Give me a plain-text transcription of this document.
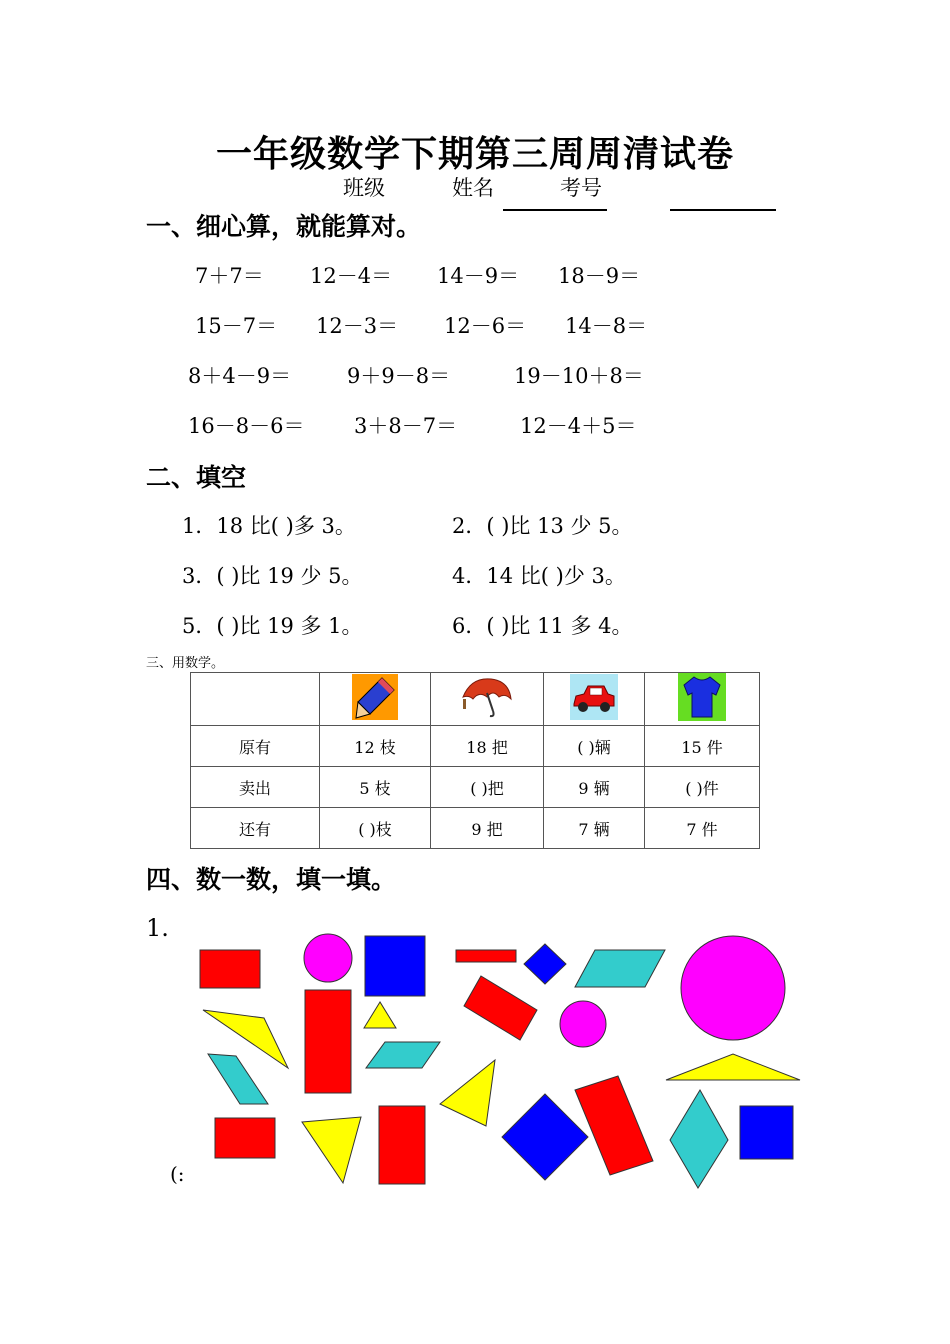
一年级数学下期第三周周清试卷
班级	姓名	考号
一、细心算，就能算对。
7＋7＝ 12－4＝ 14－9＝ 18－9＝
15－7＝ 12－3＝ 12－6＝ 14－8＝
8＋4－9＝	9＋9－8＝	19－10＋8＝
16－8－6＝ 3＋8－7＝	12－4＋5＝
二、填空
1．18 比( )多 3。	2．( )比 13 少 5。
3．( )比 19 少 5。	4．14 比( )少 3。
5．( )比 19 多 1。	6．( )比 11 多 4。
三、用数学。

原有	12 枝	18 把	( )辆	15 件
卖出	5 枝	( )把	9 辆	( )件
还有	( )枝	9 把	7 辆	7 件
四、数一数，填一填。
1.
(:
